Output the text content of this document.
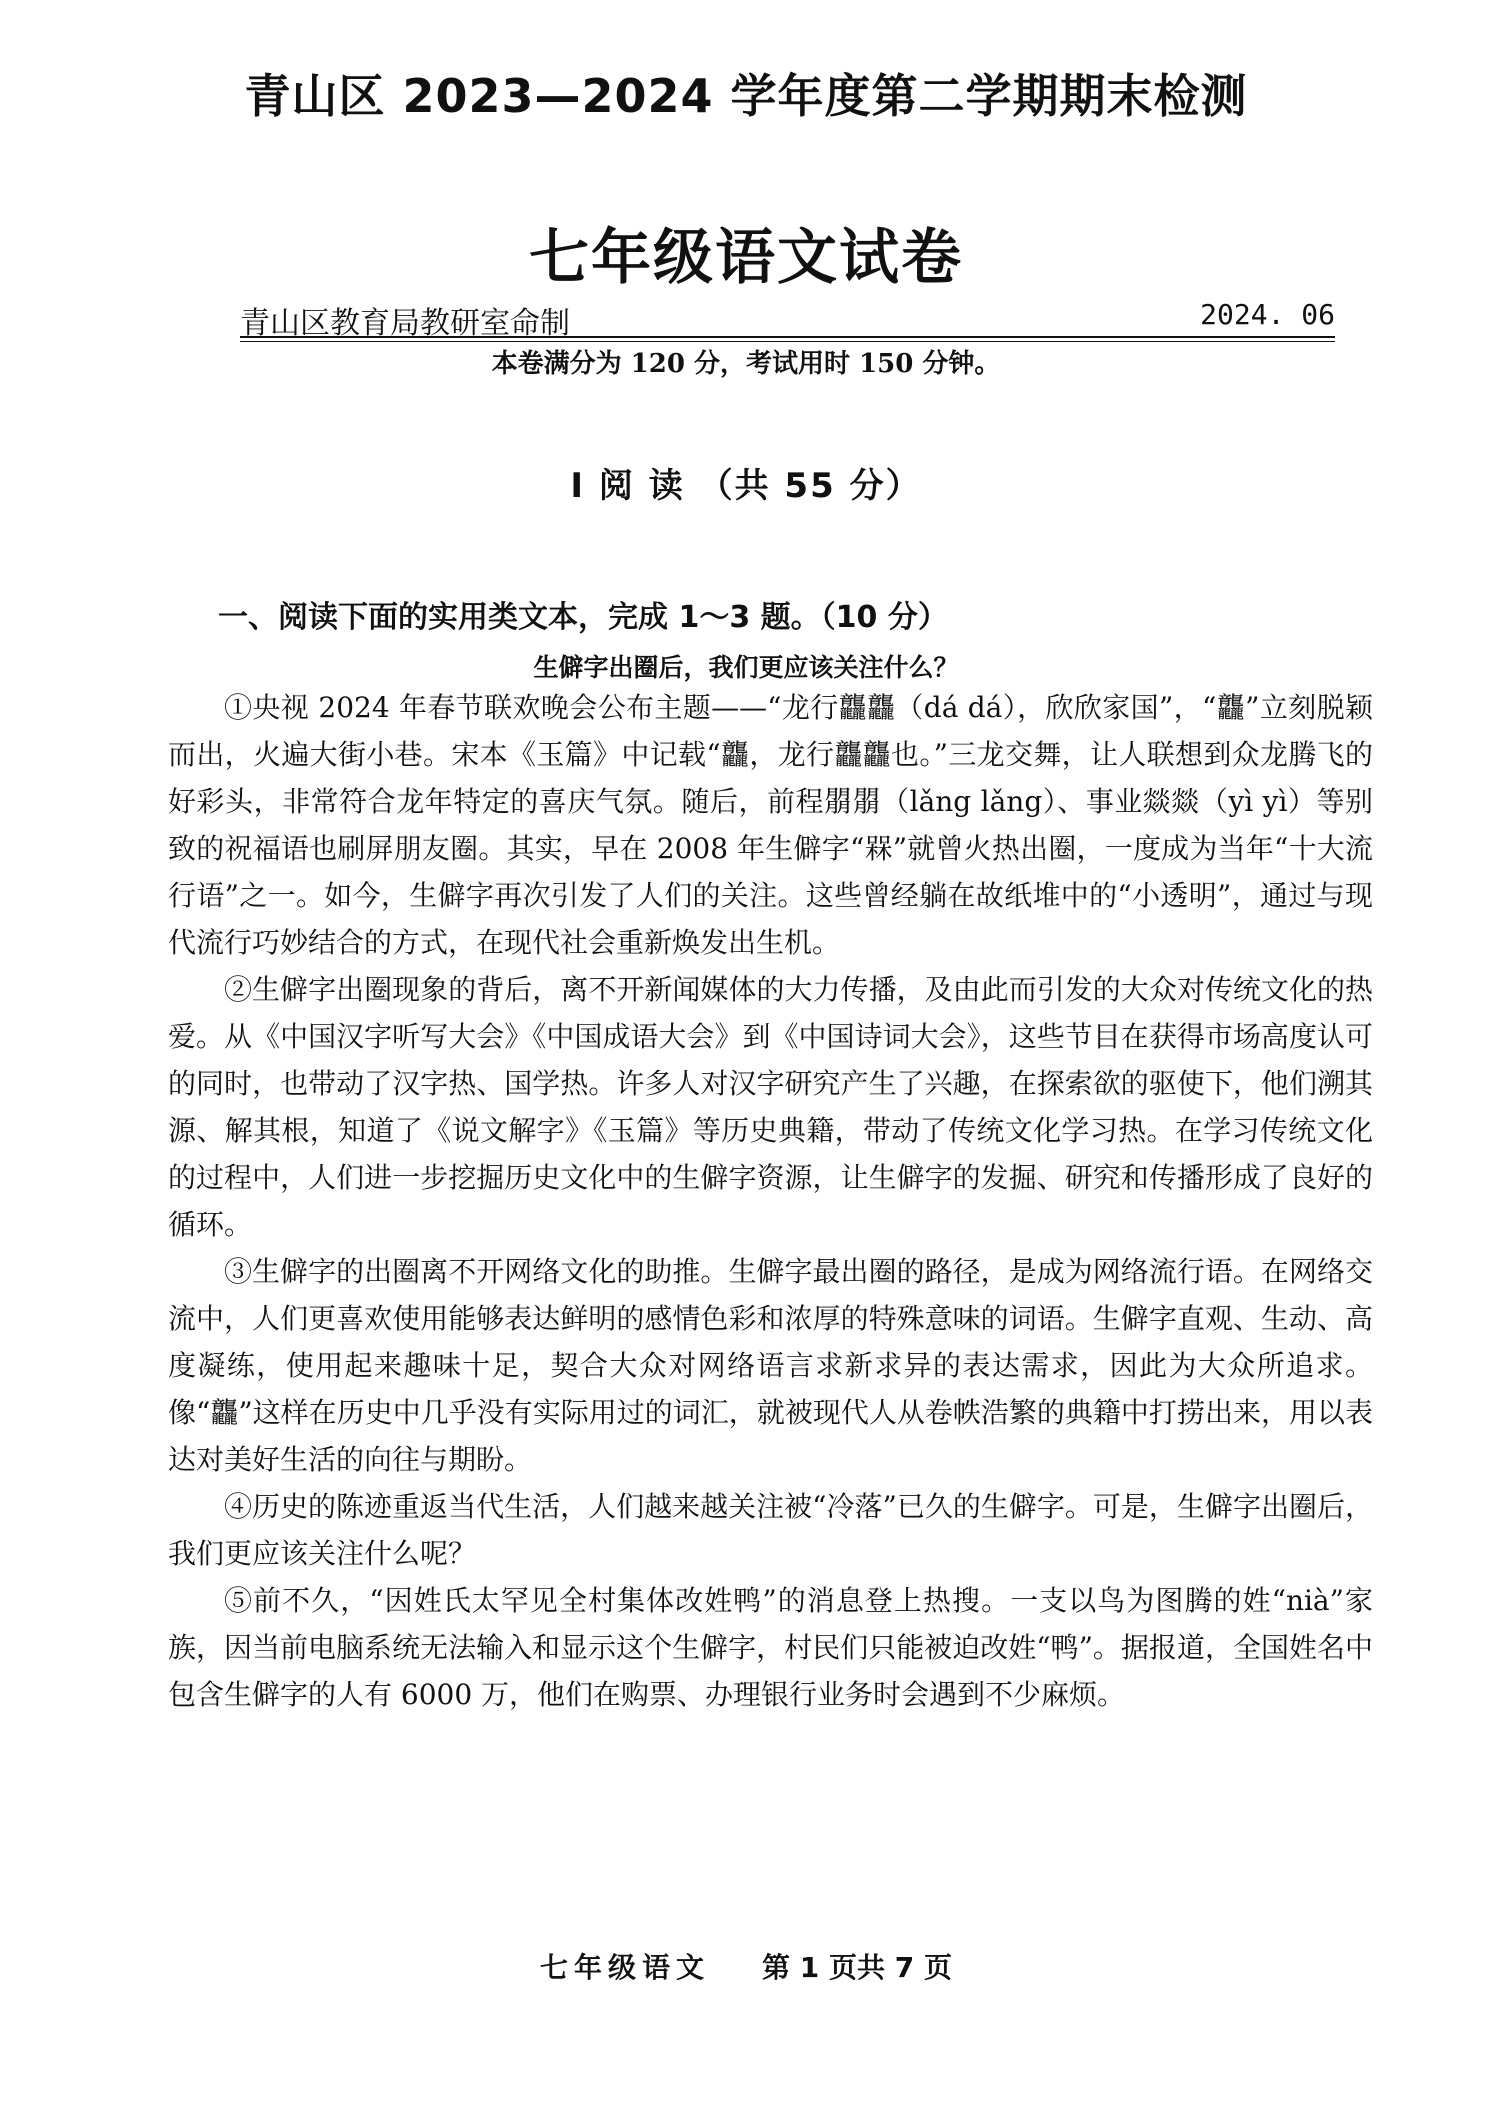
青山区 2023—2024 学年度第二学期期末检测
七年级语文试卷
青山区教育局教研室命制	2024. 06
本卷满分为 120 分，考试用时 150 分钟。
I 阅 读 （共 55 分）
一、阅读下面的实用类文本，完成 1～3 题。（10 分）
生僻字出圈后，我们更应该关注什么？

①央视 2024 年春节联欢晚会公布主题——“龙行龘龘（dá dá），欣欣家国”，“龘”立刻脱颖而出，火遍大街小巷。宋本《玉篇》中记载“龘，龙行龘龘也。”三龙交舞，让人联想到众龙腾飞的好彩头，非常符合龙年特定的喜庆气氛。随后，前程朤朤（lǎng lǎng）、事业燚燚（yì yì）等别致的祝福语也刷屏朋友圈。其实，早在 2008 年生僻字“槑”就曾火热出圈，一度成为当年“十大流行语”之一。如今，生僻字再次引发了人们的关注。这些曾经躺在故纸堆中的“小透明”，通过与现代流行巧妙结合的方式，在现代社会重新焕发出生机。

②生僻字出圈现象的背后，离不开新闻媒体的大力传播，及由此而引发的大众对传统文化的热爱。从《中国汉字听写大会》《中国成语大会》到《中国诗词大会》，这些节目在获得市场高度认可的同时，也带动了汉字热、国学热。许多人对汉字研究产生了兴趣，在探索欲的驱使下，他们溯其源、解其根，知道了《说文解字》《玉篇》等历史典籍，带动了传统文化学习热。在学习传统文化的过程中，人们进一步挖掘历史文化中的生僻字资源，让生僻字的发掘、研究和传播形成了良好的循环。

③生僻字的出圈离不开网络文化的助推。生僻字最出圈的路径，是成为网络流行语。在网络交流中，人们更喜欢使用能够表达鲜明的感情色彩和浓厚的特殊意味的词语。生僻字直观、生动、高度凝练，使用起来趣味十足，契合大众对网络语言求新求异的表达需求，因此为大众所追求。像“龘”这样在历史中几乎没有实际用过的词汇，就被现代人从卷帙浩繁的典籍中打捞出来，用以表达对美好生活的向往与期盼。

④历史的陈迹重返当代生活，人们越来越关注被“冷落”已久的生僻字。可是，生僻字出圈后，我们更应该关注什么呢？

⑤前不久，“因姓氏太罕见全村集体改姓鸭”的消息登上热搜。一支以鸟为图腾的姓“nià”家族，因当前电脑系统无法输入和显示这个生僻字，村民们只能被迫改姓“鸭”。据报道，全国姓名中包含生僻字的人有 6000 万，他们在购票、办理银行业务时会遇到不少麻烦。

七年级语文 第 1 页共 7 页
